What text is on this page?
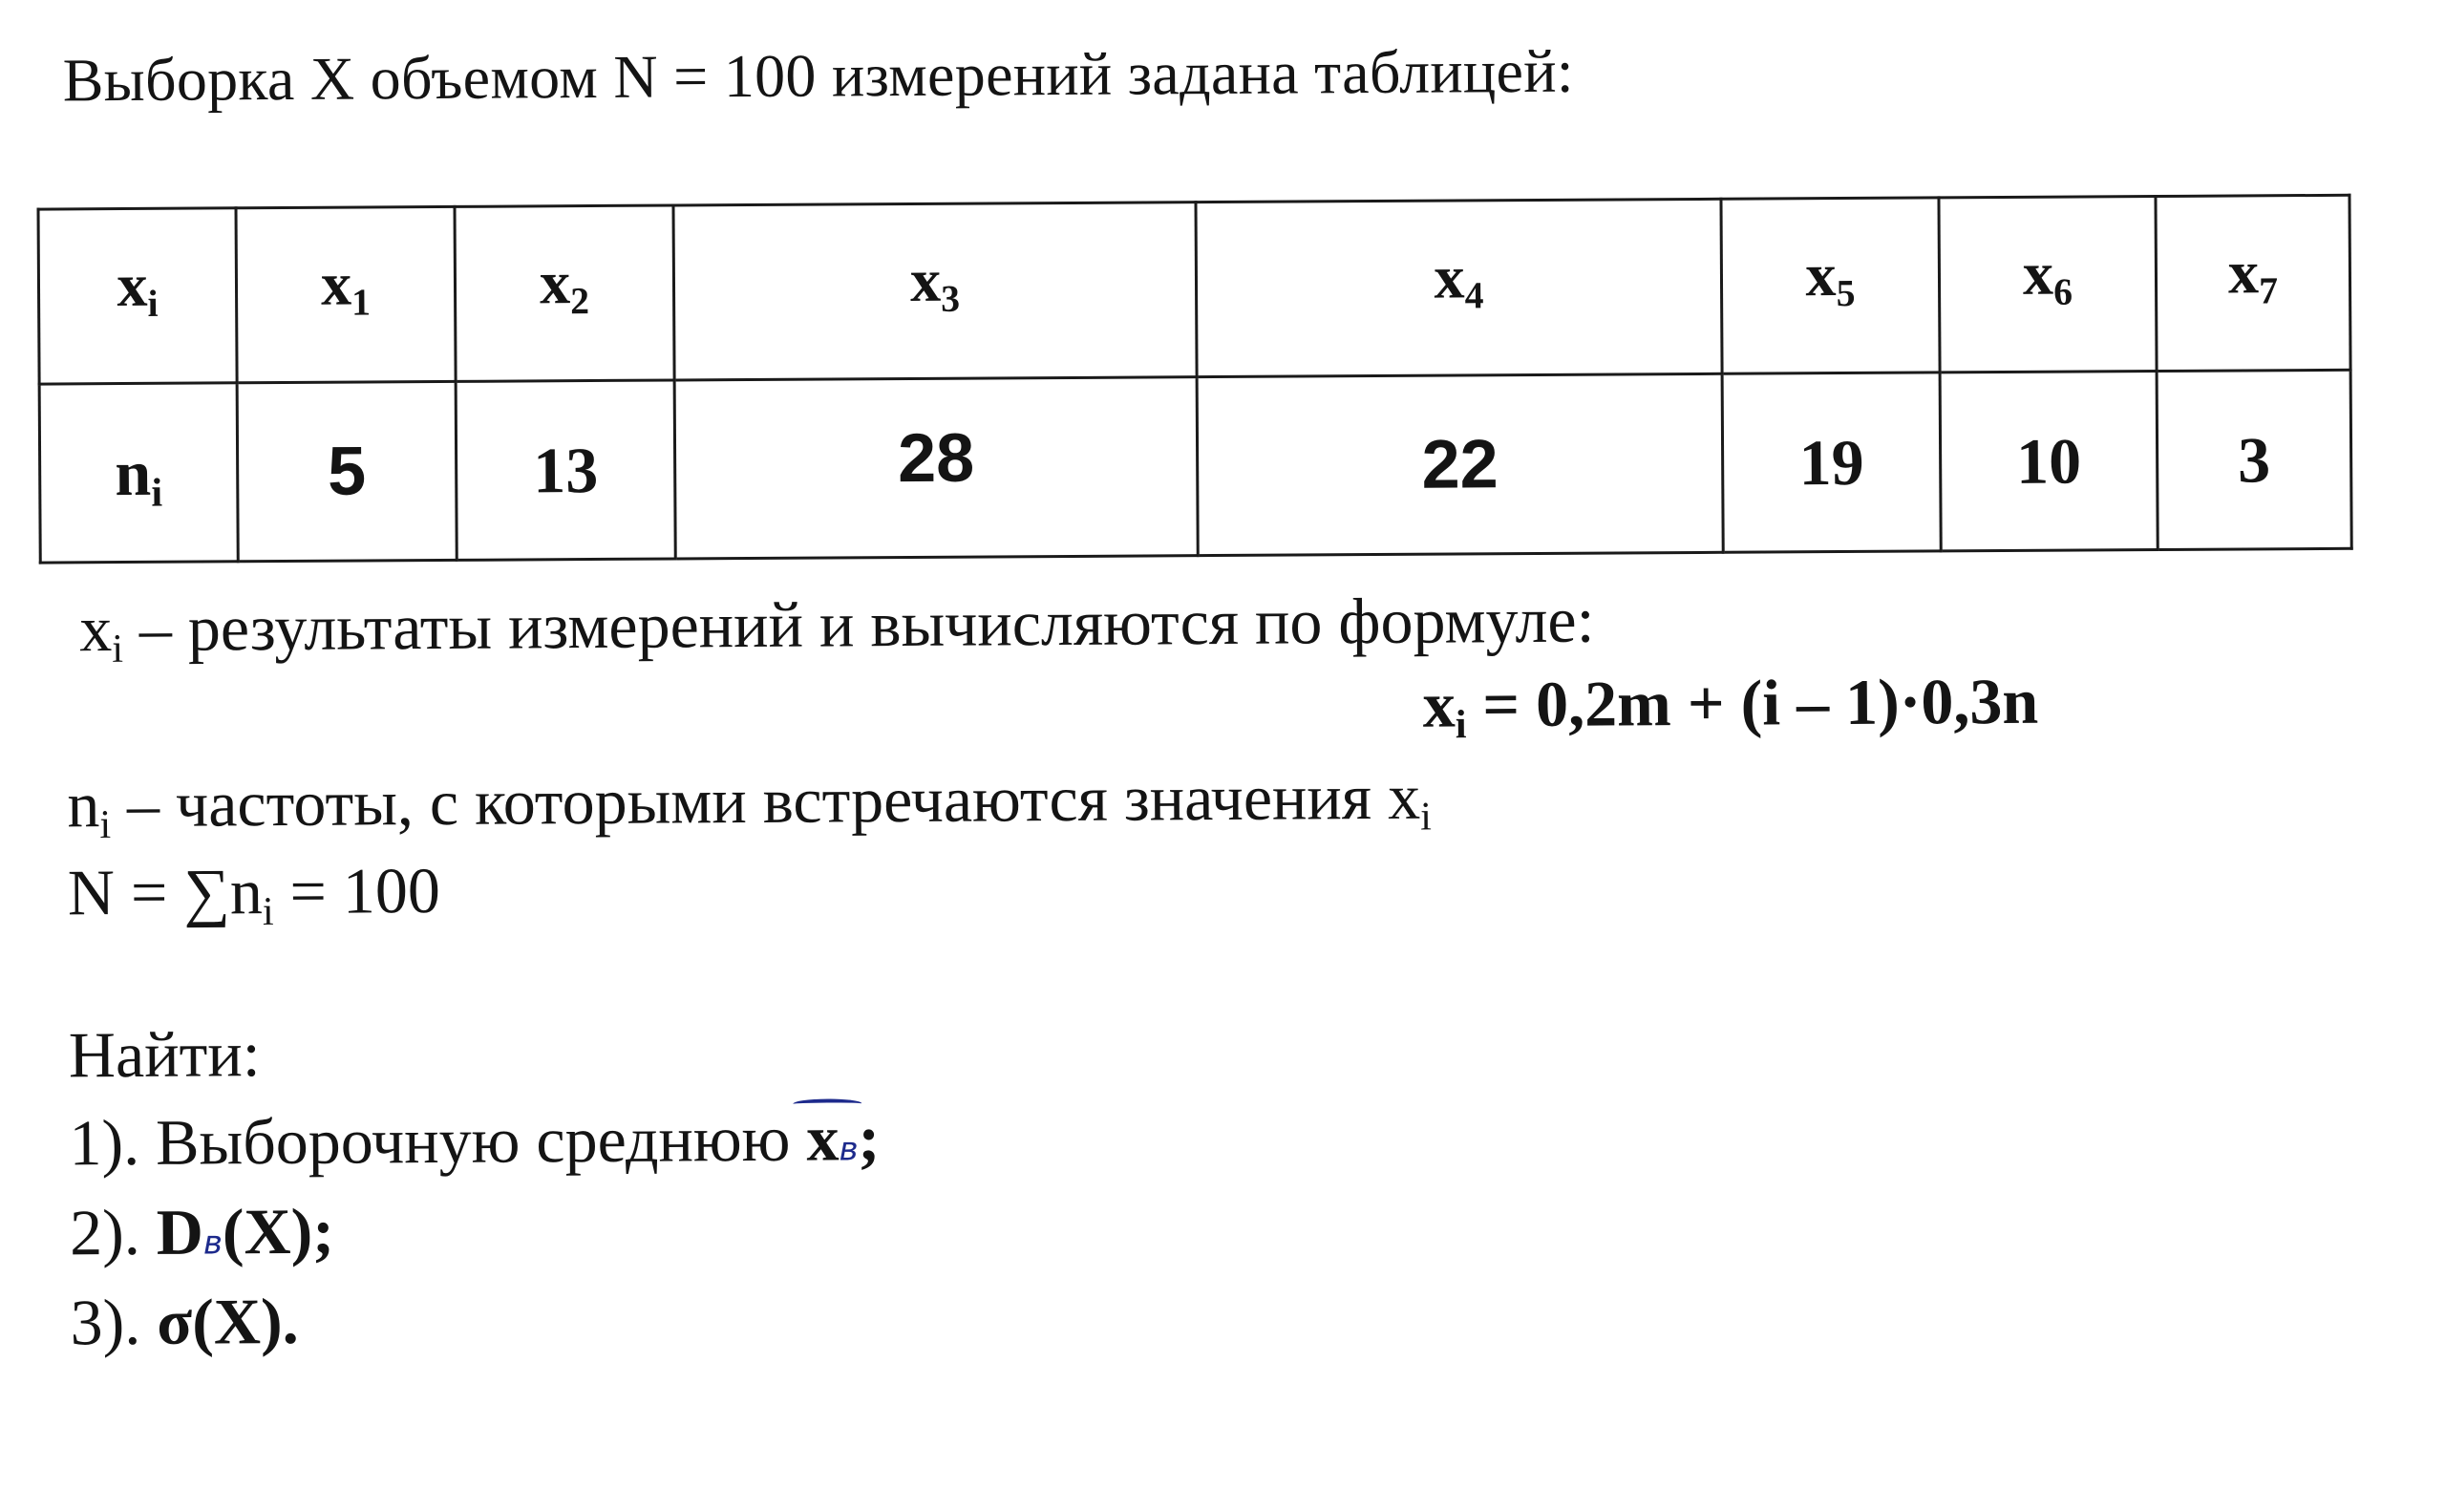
Выборка X объемом N = 100 измерений задана таблицей:
$x_i$	$x_1$	$x_2$	$x_3$	$x_4$	$x_5$	$x_6$	$x_7$
$n_i$	5	13	28	22	19	10	3
$x_i$ – результаты измерений и вычисляются по формуле:
$x_i = 0,2m + (i - 1)\cdot 0,3n$
$n_i$ – частоты, с которыми встречаются значения $x_i$
$N = \sum n_i = 100$
Найти:
1). Выборочную среднюю
xв;
2). Dв(X);
3). σ(X).
